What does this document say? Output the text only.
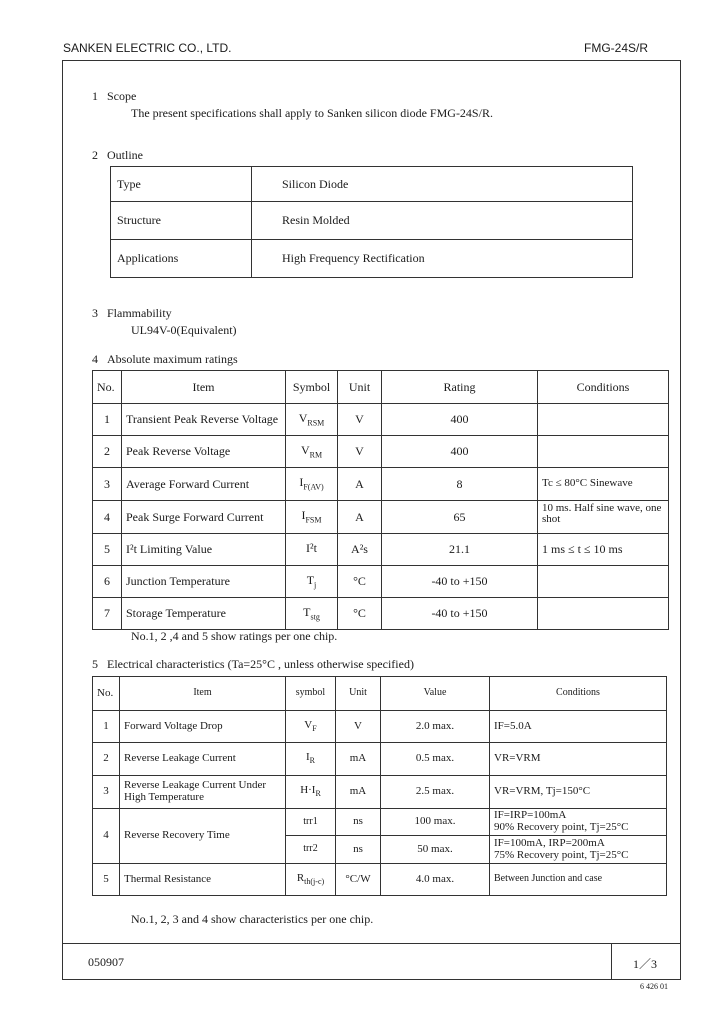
SANKEN ELECTRIC CO., LTD.	FMG-24S/R
1 Scope
The present specifications shall apply to Sanken silicon diode FMG-24S/R.
2 Outline
Type	Silicon Diode
Structure	Resin Molded
Applications	High Frequency Rectification
3 Flammability
UL94V-0(Equivalent)
4 Absolute maximum ratings
No.	Item	Symbol	Unit	Rating	Conditions
1	Transient Peak Reverse Voltage	$V_{RSM}$	V	400	
2	Peak Reverse Voltage	$V_{RM}$	V	400	
3	Average Forward Current	$I_{F(AV)}$	A	8	Tc ≤ 80°C Sinewave
4	Peak Surge Forward Current	$I_{FSM}$	A	65	10 ms. Half sine wave, one shot
5	I²t Limiting Value	I²t	A²s	21.1	1 ms ≤ t ≤ 10 ms
6	Junction Temperature	$T_j$	°C	-40 to +150	
7	Storage Temperature	$T_{stg}$	°C	-40 to +150	
No.1, 2 ,4 and 5 show ratings per one chip.
5 Electrical characteristics (Ta=25°C , unless otherwise specified)
No.	Item	symbol	Unit	Value	Conditions
1	Forward Voltage Drop	$V_F$	V	2.0 max.	IF=5.0A
2	Reverse Leakage Current	$I_R$	mA	0.5 max.	VR=VRM
3	Reverse Leakage Current Under
High Temperature	$H\cdot I_R$	mA	2.5 max.	VR=VRM, Tj=150°C
4	Reverse Recovery Time	trr1	ns	100 max.	IF=IRP=100mA
90% Recovery point, Tj=25°C

		trr2	ns	50 max.	IF=100mA, IRP=200mA
75% Recovery point, Tj=25°C

5	Thermal Resistance	$R_{th(j-c)}$	°C/W	4.0 max.	Between Junction and case
No.1, 2, 3 and 4 show characteristics per one chip.
050907	1／3
6 426 01
